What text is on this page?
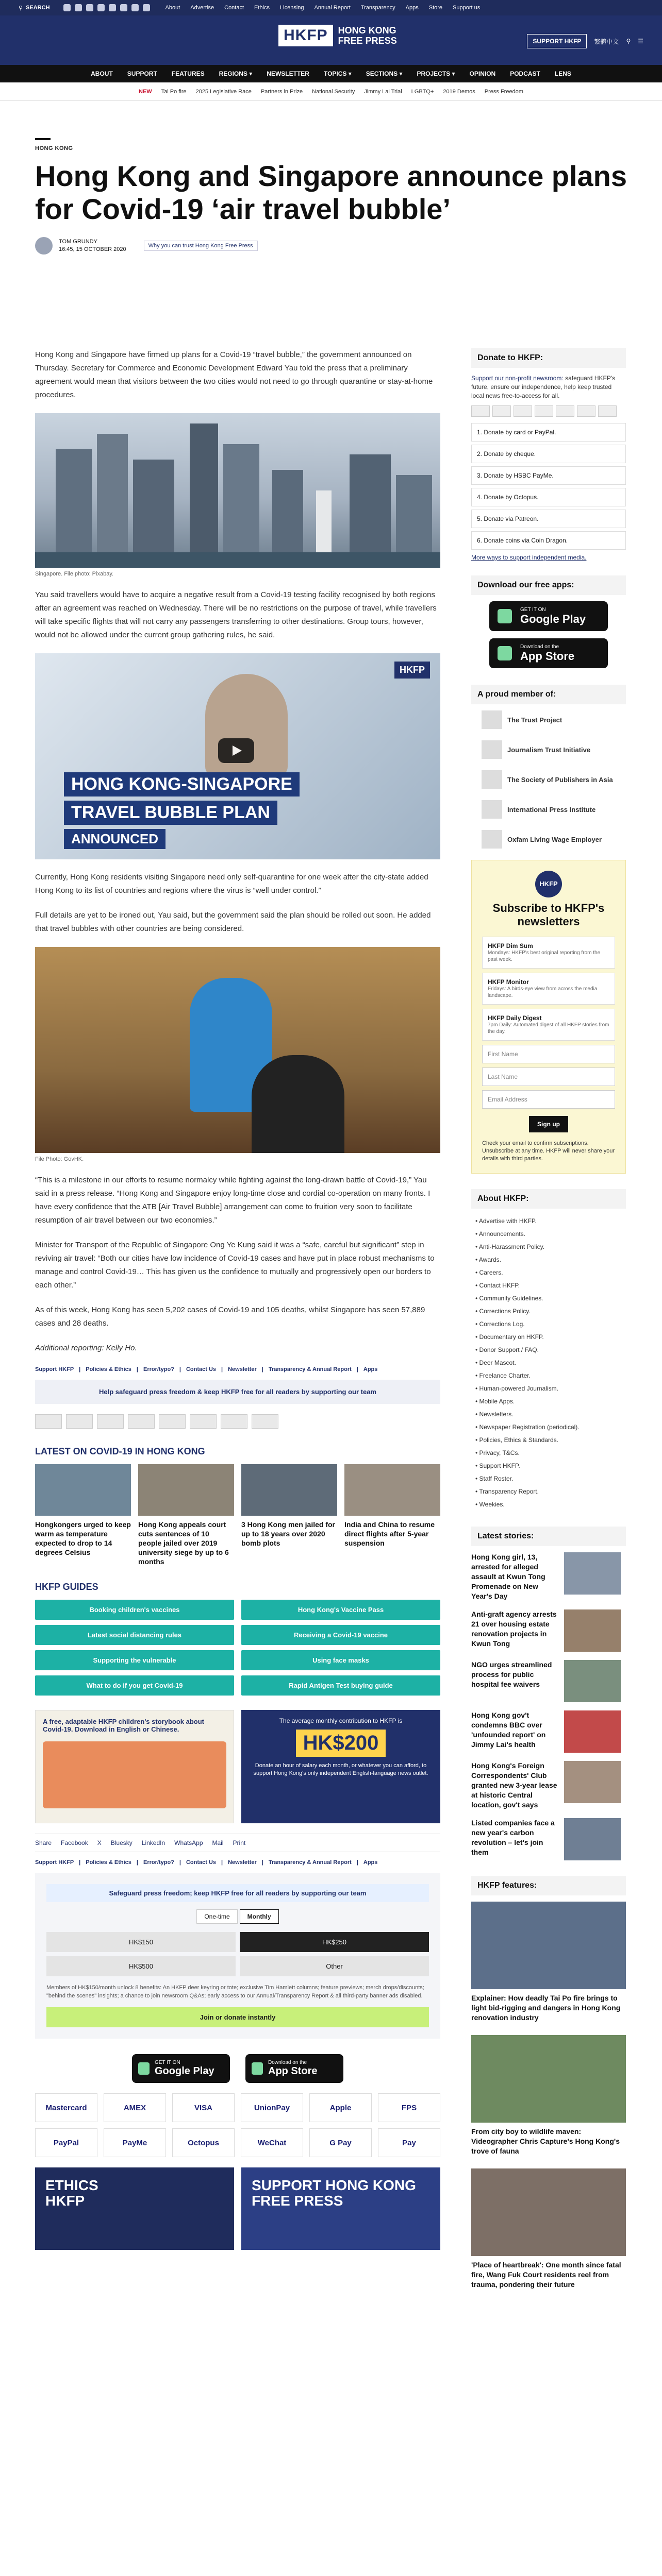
⚲ SEARCH	About Advertise Contact Ethics Licensing Annual Report Transparency Apps Store Support us
HKFP	HONG KONG
FREE PRESS	SUPPORT HKFP	繁體中文 ⚲ ☰
ABOUT SUPPORT FEATURES REGIONS ▾ NEWSLETTER TOPICS ▾ SECTIONS ▾ PROJECTS ▾ OPINION PODCAST LENS
NEW Tai Po fire 2025 Legislative Race Partners in Prize National Security Jimmy Lai Trial LGBTQ+ 2019 Demos Press Freedom
HONG KONG
Hong Kong and Singapore announce plans for Covid-19 ‘air travel bubble’
TOM GRUNDY
16:45, 15 OCTOBER 2020
Why you can trust Hong Kong Free Press

Hong Kong and Singapore have firmed up plans for a Covid-19 “travel bubble,” the government announced on Thursday. Secretary for Commerce and Economic Development Edward Yau told the press that a preliminary agreement would mean that visitors between the two cities would not need to go through quarantine or stay-at-home procedures.

Singapore. File photo: Pixabay.

Yau said travellers would have to acquire a negative result from a Covid-19 testing facility recognised by both regions after an agreement was reached on Wednesday. There will be no restrictions on the purpose of travel, while travellers will take specific flights that will not carry any passengers transferring to other destinations. Group tours, however, would not be allowed under the current group gathering rules, he said.

HKFP
HONG KONG-SINGAPORE
TRAVEL BUBBLE PLAN
ANNOUNCED

Currently, Hong Kong residents visiting Singapore need only self-quarantine for one week after the city-state added Hong Kong to its list of countries and regions where the virus is “well under control.”

Full details are yet to be ironed out, Yau said, but the government said the plan should be rolled out soon. He added that travel bubbles with other countries are being considered.

File Photo: GovHK.

“This is a milestone in our efforts to resume normalcy while fighting against the long-drawn battle of Covid-19,” Yau said in a press release. “Hong Kong and Singapore enjoy long-time close and cordial co-operation on many fronts. I have every confidence that the ATB [Air Travel Bubble] arrangement can come to fruition very soon to facilitate resumption of air travel between our two economies.”

Minister for Transport of the Republic of Singapore Ong Ye Kung said it was a “safe, careful but significant” step in reviving air travel: “Both our cities have low incidence of Covid-19 cases and have put in place robust mechanisms to manage and control Covid-19… This has given us the confidence to mutually and progressively open our borders to each other.”

As of this week, Hong Kong has seen 5,202 cases of Covid-19 and 105 deaths, whilst Singapore has seen 57,889 cases and 28 deaths.

Additional reporting: Kelly Ho.

Support HKFP | Policies & Ethics | Error/typo? | Contact Us | Newsletter | Transparency & Annual Report | Apps
Help safeguard press freedom & keep HKFP free for all readers by supporting our team
LATEST ON COVID-19 IN HONG KONG
Hongkongers urged to keep warm as temperature expected to drop to 14 degrees Celsius
Hong Kong appeals court cuts sentences of 10 people jailed over 2019 university siege by up to 6 months
3 Hong Kong men jailed for up to 18 years over 2020 bomb plots
India and China to resume direct flights after 5-year suspension
HKFP GUIDES
Booking children's vaccines	Hong Kong's Vaccine Pass
Latest social distancing rules	Receiving a Covid-19 vaccine
Supporting the vulnerable	Using face masks
What to do if you get Covid-19	Rapid Antigen Test buying guide
A free, adaptable HKFP children's storybook about Covid-19. Download in English or Chinese.
The average monthly contribution to HKFP is
HK$200
Donate an hour of salary each month, or whatever you can afford, to support Hong Kong's only independent English-language news outlet.
Share Facebook X Bluesky LinkedIn WhatsApp Mail Print
Support HKFP | Policies & Ethics | Error/typo? | Contact Us | Newsletter | Transparency & Annual Report | Apps
Safeguard press freedom; keep HKFP free for all readers by supporting our team
One-time	Monthly
HK$150	HK$250
HK$500	Other
Members of HK$150/month unlock 8 benefits: An HKFP deer keyring or tote; exclusive Tim Hamlett columns; feature previews; merch drops/discounts; "behind the scenes" insights; a chance to join newsroom Q&As; early access to our Annual/Transparency Report & all third-party banner ads disabled.
Join or donate instantly
GET IT ON
Google Play
Download on the
App Store
Mastercard	AMEX	VISA	UnionPay	Apple	FPS
PayPal	PayMe	Octopus	WeChat	G Pay	Pay
ETHICS
HKFP
SUPPORT HONG KONG
FREE PRESS
Donate to HKFP:
Support our non-profit newsroom: safeguard HKFP's future, ensure our independence, help keep trusted local news free-to-access for all.
1. Donate by card or PayPal.
2. Donate by cheque.
3. Donate by HSBC PayMe.
4. Donate by Octopus.
5. Donate via Patreon.
6. Donate coins via Coin Dragon.
More ways to support independent media.
Download our free apps:
GET IT ON
Google Play
Download on the
App Store
A proud member of:
The Trust Project
Journalism Trust Initiative
The Society of Publishers in Asia
International Press Institute
Oxfam Living Wage Employer
HKFP
Subscribe to HKFP's newsletters
HKFP Dim Sum
Mondays: HKFP's best original reporting from the past week.
HKFP Monitor
Fridays: A birds-eye view from across the media landscape.
HKFP Daily Digest
7pm Daily: Automated digest of all HKFP stories from the day.
First Name
Last Name
Email Address
Sign up
Check your email to confirm subscriptions. Unsubscribe at any time. HKFP will never share your details with third parties.
About HKFP:
• Advertise with HKFP.
• Announcements.
• Anti-Harassment Policy.
• Awards.
• Careers.
• Contact HKFP.
• Community Guidelines.
• Corrections Policy.
• Corrections Log.
• Documentary on HKFP.
• Donor Support / FAQ.
• Deer Mascot.
• Freelance Charter.
• Human-powered Journalism.
• Mobile Apps.
• Newsletters.
• Newspaper Registration (periodical).
• Policies, Ethics & Standards.
• Privacy, T&Cs.
• Support HKFP.
• Staff Roster.
• Transparency Report.
• Weekies.
Latest stories:
Hong Kong girl, 13, arrested for alleged assault at Kwun Tong Promenade on New Year's Day
Anti-graft agency arrests 21 over housing estate renovation projects in Kwun Tong
NGO urges streamlined process for public hospital fee waivers
Hong Kong gov't condemns BBC over 'unfounded report' on Jimmy Lai's health
Hong Kong's Foreign Correspondents' Club granted new 3-year lease at historic Central location, gov't says
Listed companies face a new year's carbon revolution – let's join them
HKFP features:
Explainer: How deadly Tai Po fire brings to light bid-rigging and dangers in Hong Kong renovation industry
From city boy to wildlife maven: Videographer Chris Capture's Hong Kong's trove of fauna
'Place of heartbreak': One month since fatal fire, Wang Fuk Court residents reel from trauma, pondering their future
